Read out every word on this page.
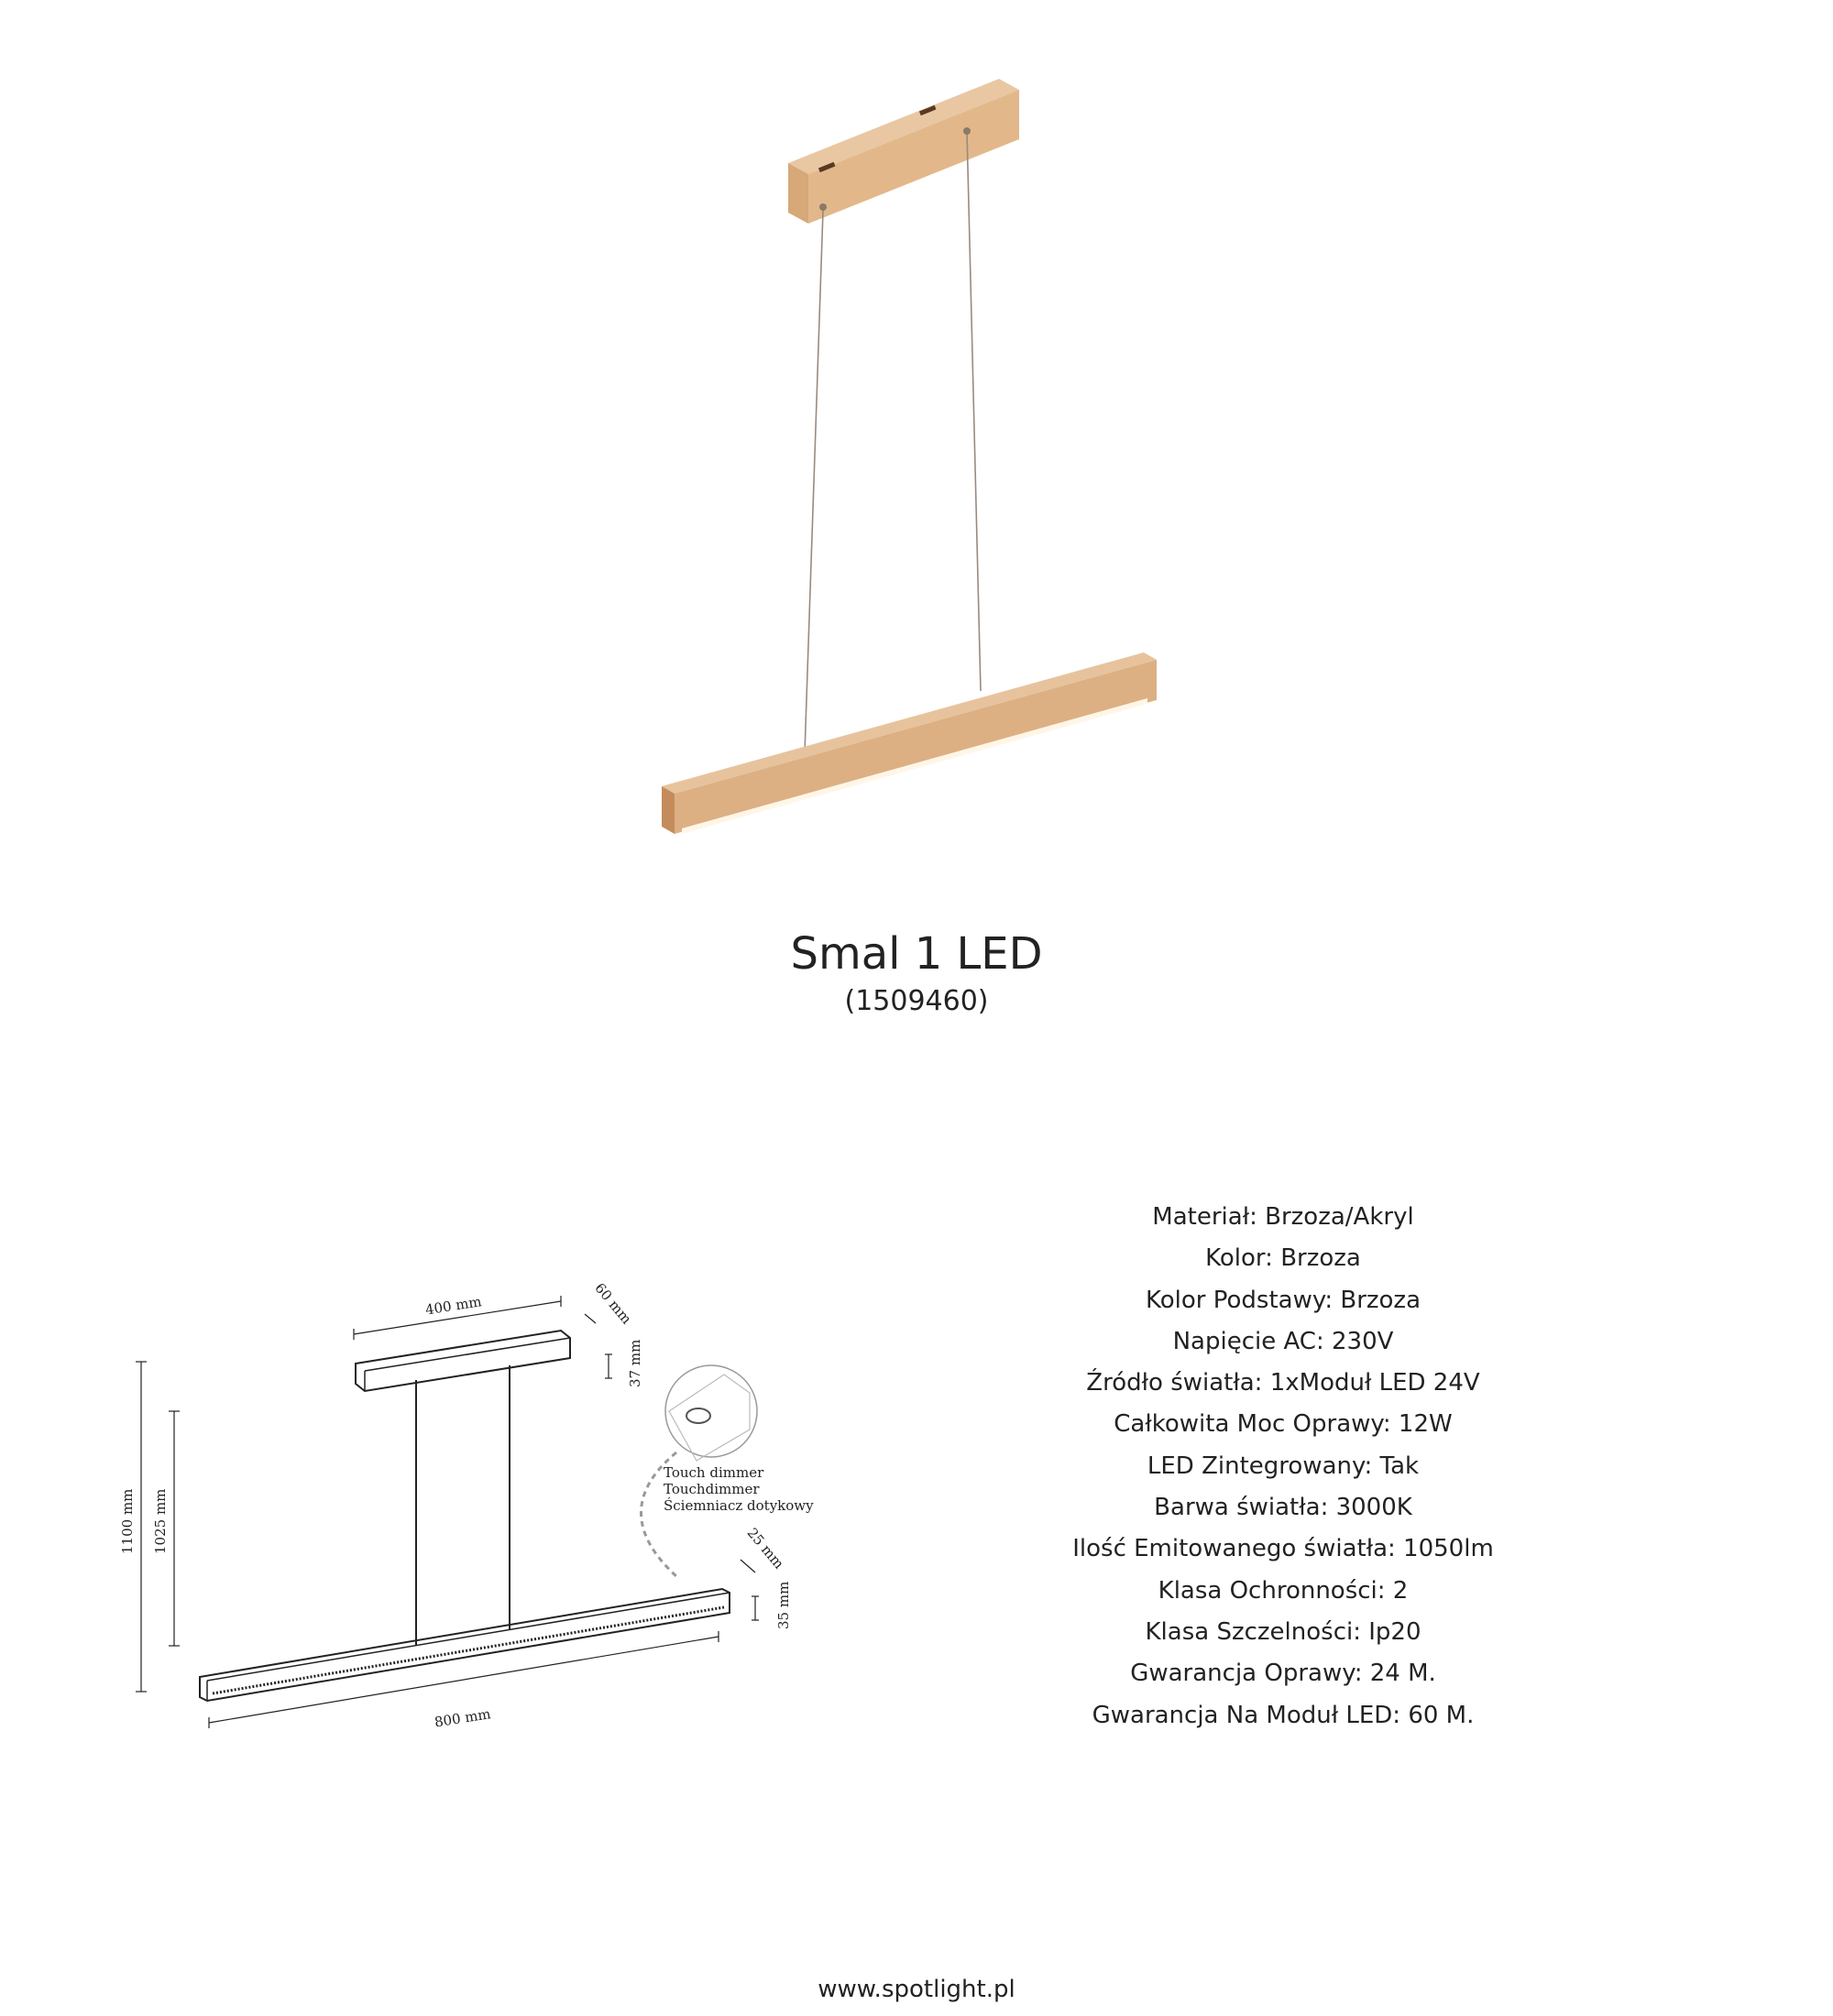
Smal 1 LED
(1509460)
400 mm	60 mm
37 mm
1100 mm 1025 mm
Touch dimmer
Touchdimmer
Ściemniacz dotykowy
25 mm
35 mm
800 mm
Materiał: Brzoza/Akryl
Kolor: Brzoza
Kolor Podstawy: Brzoza
Napięcie AC: 230V
Źródło światła: 1xModuł LED 24V
Całkowita Moc Oprawy: 12W
LED Zintegrowany: Tak
Barwa światła: 3000K
Ilość Emitowanego światła: 1050lm
Klasa Ochronności: 2
Klasa Szczelności: Ip20
Gwarancja Oprawy: 24 M.
Gwarancja Na Moduł LED: 60 M.
www.spotlight.pl
